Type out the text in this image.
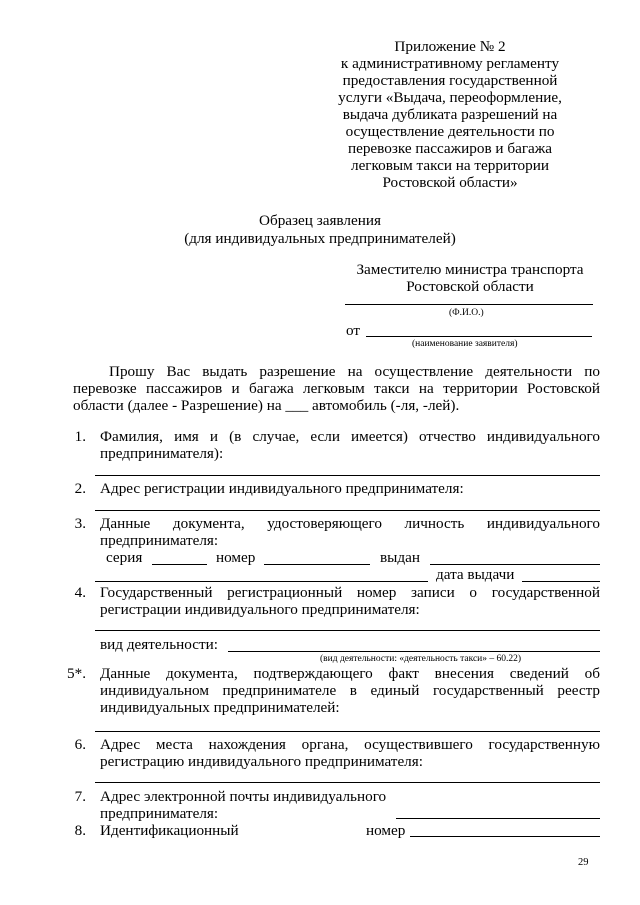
Приложение № 2
к административному регламенту
предоставления государственной
услуги «Выдача, переоформление,
выдача дубликата разрешений на
осуществление деятельности по
перевозке пассажиров и багажа
легковым такси на территории
Ростовской области»
Образец заявления
(для индивидуальных предпринимателей)
Заместителю министра транспорта
Ростовской области
(Ф.И.О.)
от
(наименование заявителя)
Прошу Вас выдать разрешение на осуществление деятельности по перевозке пассажиров и багажа легковым такси на территории Ростовской области (далее - Разрешение) на ___ автомобиль (-ля, -лей).
1. Фамилия, имя и (в случае, если имеется) отчество индивидуального предпринимателя):
2. Адрес регистрации индивидуального предпринимателя:
3. Данные документа, удостоверяющего личность индивидуального предпринимателя:
серия	номер	выдан
дата выдачи
4. Государственный регистрационный номер записи о государственной регистрации индивидуального предпринимателя:
вид деятельности:
(вид деятельности: «деятельность такси» – 60.22)
5*. Данные документа, подтверждающего факт внесения сведений об индивидуальном предпринимателе в единый государственный реестр индивидуальных предпринимателей:
6. Адрес места нахождения органа, осуществившего государственную регистрацию индивидуального предпринимателя:
7. Адрес электронной почты индивидуального
предпринимателя:
8. Идентификационный	номер
29
